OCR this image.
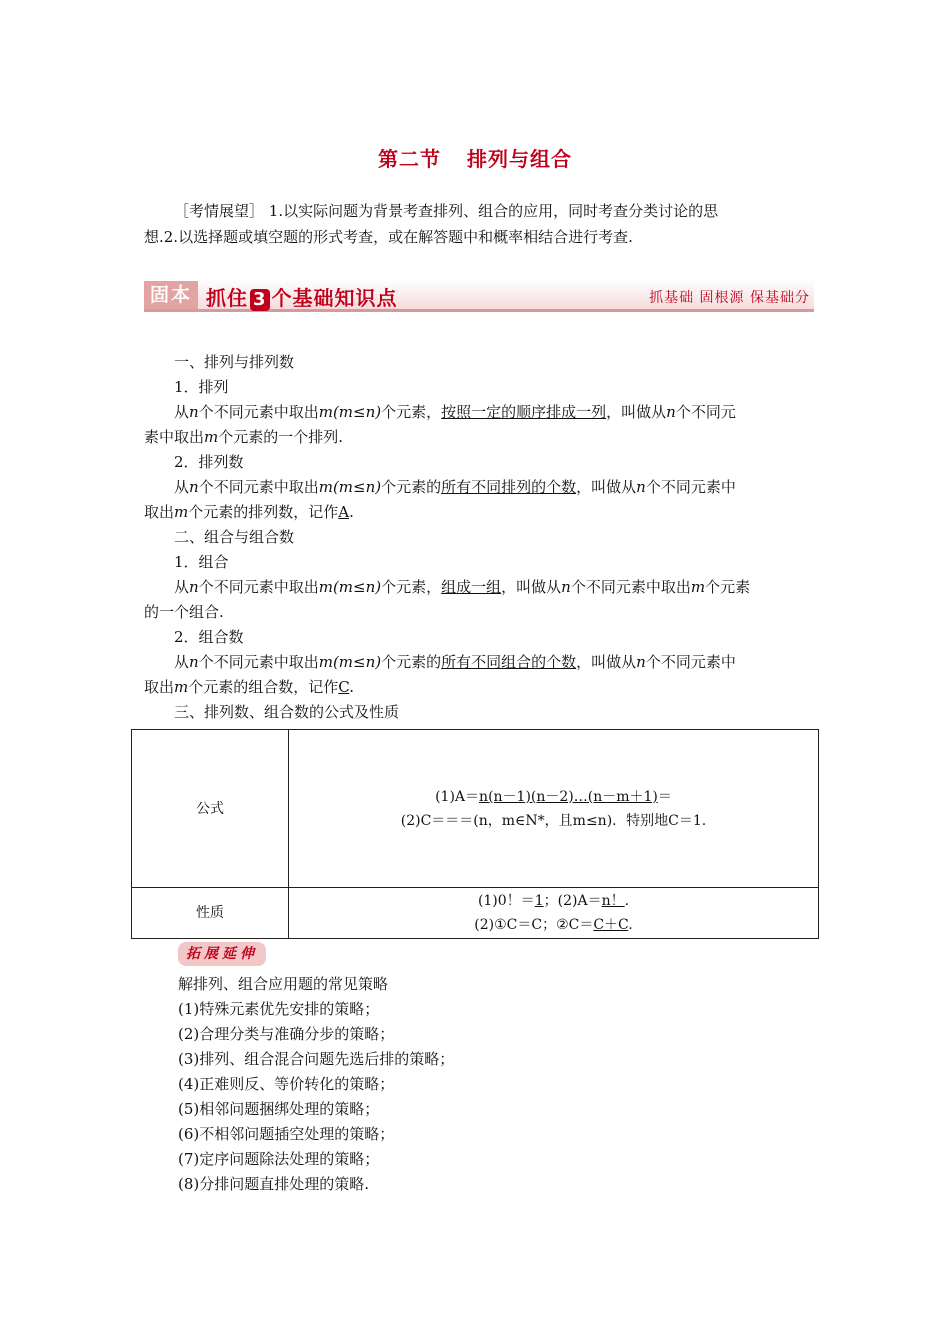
第二节 排列与组合

［考情展望］ 1.以实际问题为背景考查排列、组合的应用，同时考查分类讨论的思

想.2.以选择题或填空题的形式考查，或在解答题中和概率相结合进行考查.

固本 抓住 3 个基础知识点	抓基础 固根源 保基础分

一、排列与排列数

1．排列

从n个不同元素中取出m(m≤n)个元素，按照一定的顺序排成一列，叫做从n个不同元

素中取出m个元素的一个排列.

2．排列数

从n个不同元素中取出m(m≤n)个元素的所有不同排列的个数，叫做从n个不同元素中

取出m个元素的排列数，记作A.

二、组合与组合数

1．组合

从n个不同元素中取出m(m≤n)个元素，组成一组，叫做从n个不同元素中取出m个元素

的一个组合.

2．组合数

从n个不同元素中取出m(m≤n)个元素的所有不同组合的个数，叫做从n个不同元素中

取出m个元素的组合数，记作C.

三、排列数、组合数的公式及性质

公式	(1)A＝n(n－1)(n－2)…(n－m＋1)＝
(2)C＝＝＝(n，m∈N*，且m≤n)．特别地C＝1.

性质	(1)0！＝1；(2)A＝n！.
(2)①C＝C；②C＝C＋C.
拓展延伸

解排列、组合应用题的常见策略

(1)特殊元素优先安排的策略；

(2)合理分类与准确分步的策略；

(3)排列、组合混合问题先选后排的策略；

(4)正难则反、等价转化的策略；

(5)相邻问题捆绑处理的策略；

(6)不相邻问题插空处理的策略；

(7)定序问题除法处理的策略；

(8)分排问题直排处理的策略.
